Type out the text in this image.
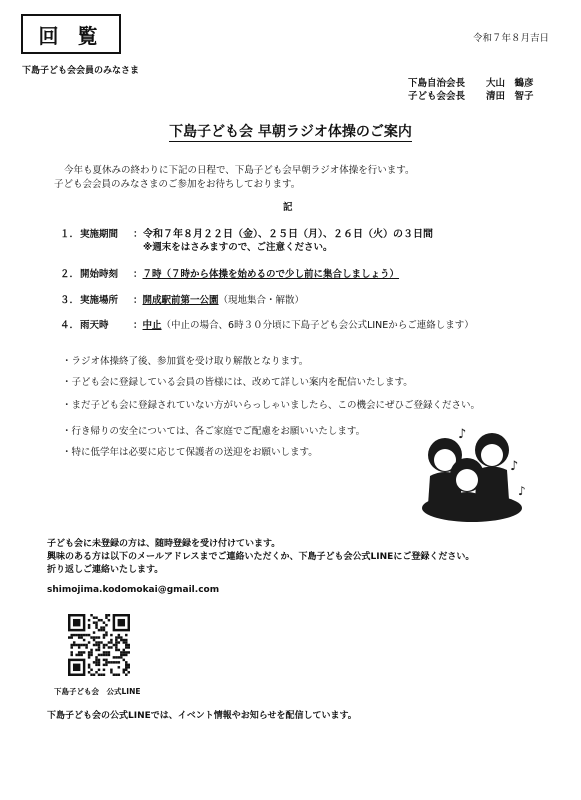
回 覧	令和７年８月吉日
下島子ども会会員のみなさま
下島自治会長 大山　鶴彦
子ども会会長 清田　智子
下島子ども会 早朝ラジオ体操のご案内
今年も夏休みの終わりに下記の日程で、下島子ども会早朝ラジオ体操を行います。
子ども会会員のみなさまのご参加をお待ちしております。
記
１． 実施期間 ：令和７年８月２２日（金）、２５日（月）、２６日（火）の３日間
※週末をはさみますので、ご注意ください。
２． 開始時刻 ：７時（７時から体操を始めるので少し前に集合しましょう）
３． 実施場所 ：開成駅前第一公園（現地集合・解散）
４． 雨天時	：中止（中止の場合、6時３０分頃に下島子ども会公式LINEからご連絡します）
・ ラジオ体操終了後、参加賞を受け取り解散となります。
・ 子ども会に登録している会員の皆様には、改めて詳しい案内を配信いたします。
・ まだ子ども会に登録されていない方がいらっしゃいましたら、この機会にぜひご登録ください。
・ 行き帰りの安全については、各ご家庭でご配慮をお願いいたします。
・ 特に低学年は必要に応じて保護者の送迎をお願いします。
♪
♪
♪
子ども会に未登録の方は、随時登録を受け付けています。
興味のある方は以下のメールアドレスまでご連絡いただくか、下島子ども会公式LINEにご登録ください。
折り返しご連絡いたします。
shimojima.kodomokai@gmail.com
下島子ども会　公式LINE
下島子ども会の公式LINEでは、イベント情報やお知らせを配信しています。
